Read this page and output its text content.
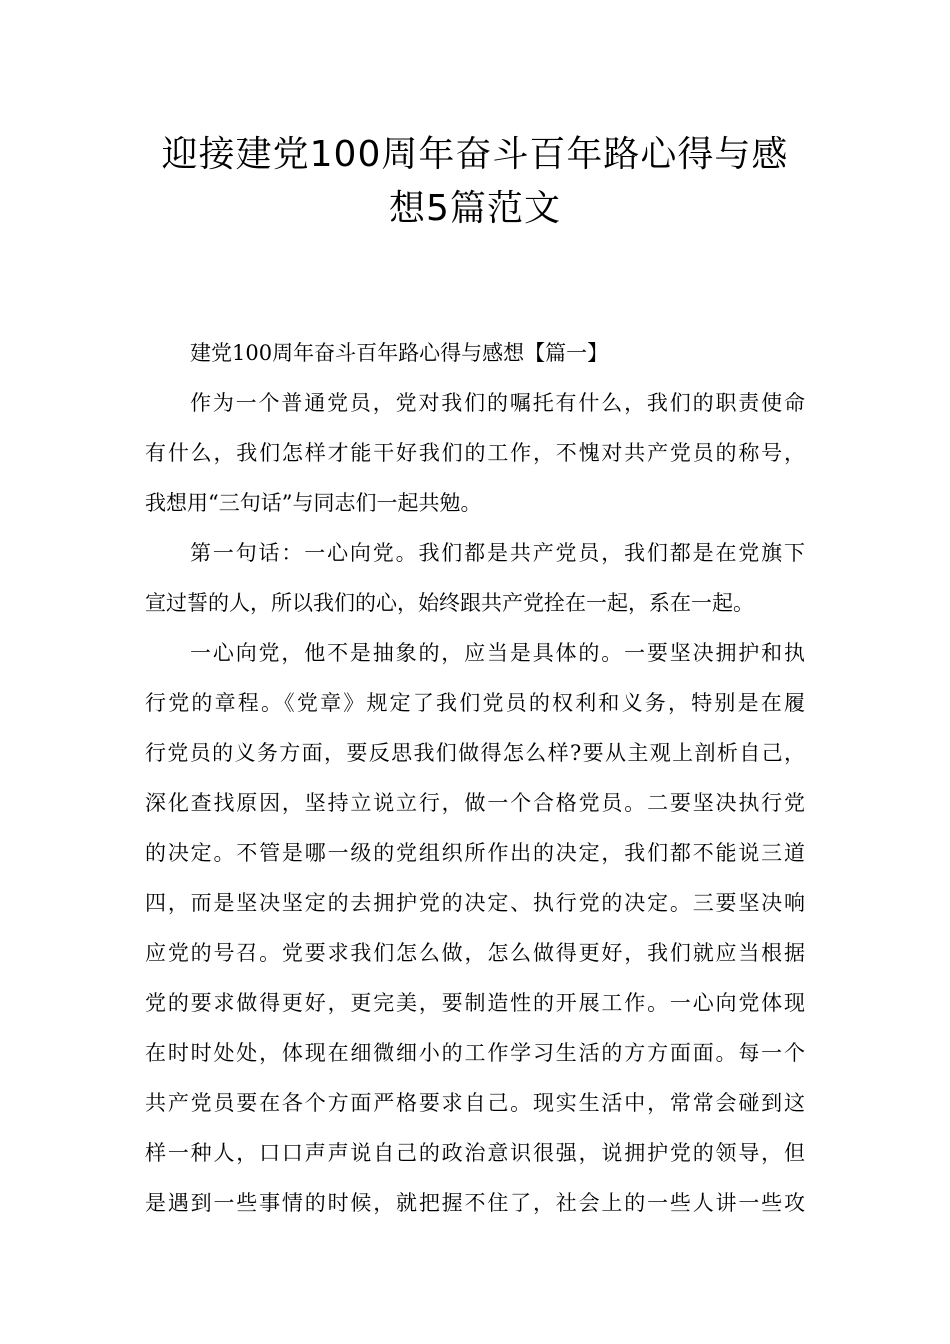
迎接建党100周年奋斗百年路心得与感
想5篇范文
建党100周年奋斗百年路心得与感想【篇一】
作为一个普通党员，党对我们的嘱托有什么，我们的职责使命
有什么，我们怎样才能干好我们的工作，不愧对共产党员的称号，
我想用“三句话”与同志们一起共勉。
第一句话：一心向党。我们都是共产党员，我们都是在党旗下
宣过誓的人，所以我们的心，始终跟共产党拴在一起，系在一起。
一心向党，他不是抽象的，应当是具体的。一要坚决拥护和执
行党的章程。《党章》规定了我们党员的权利和义务，特别是在履
行党员的义务方面，要反思我们做得怎么样?要从主观上剖析自己，
深化查找原因，坚持立说立行，做一个合格党员。二要坚决执行党
的决定。不管是哪一级的党组织所作出的决定，我们都不能说三道
四，而是坚决坚定的去拥护党的决定、执行党的决定。三要坚决响
应党的号召。党要求我们怎么做，怎么做得更好，我们就应当根据
党的要求做得更好，更完美，要制造性的开展工作。一心向党体现
在时时处处，体现在细微细小的工作学习生活的方方面面。每一个
共产党员要在各个方面严格要求自己。现实生活中，常常会碰到这
样一种人，口口声声说自己的政治意识很强，说拥护党的领导，但
是遇到一些事情的时候，就把握不住了，社会上的一些人讲一些攻
